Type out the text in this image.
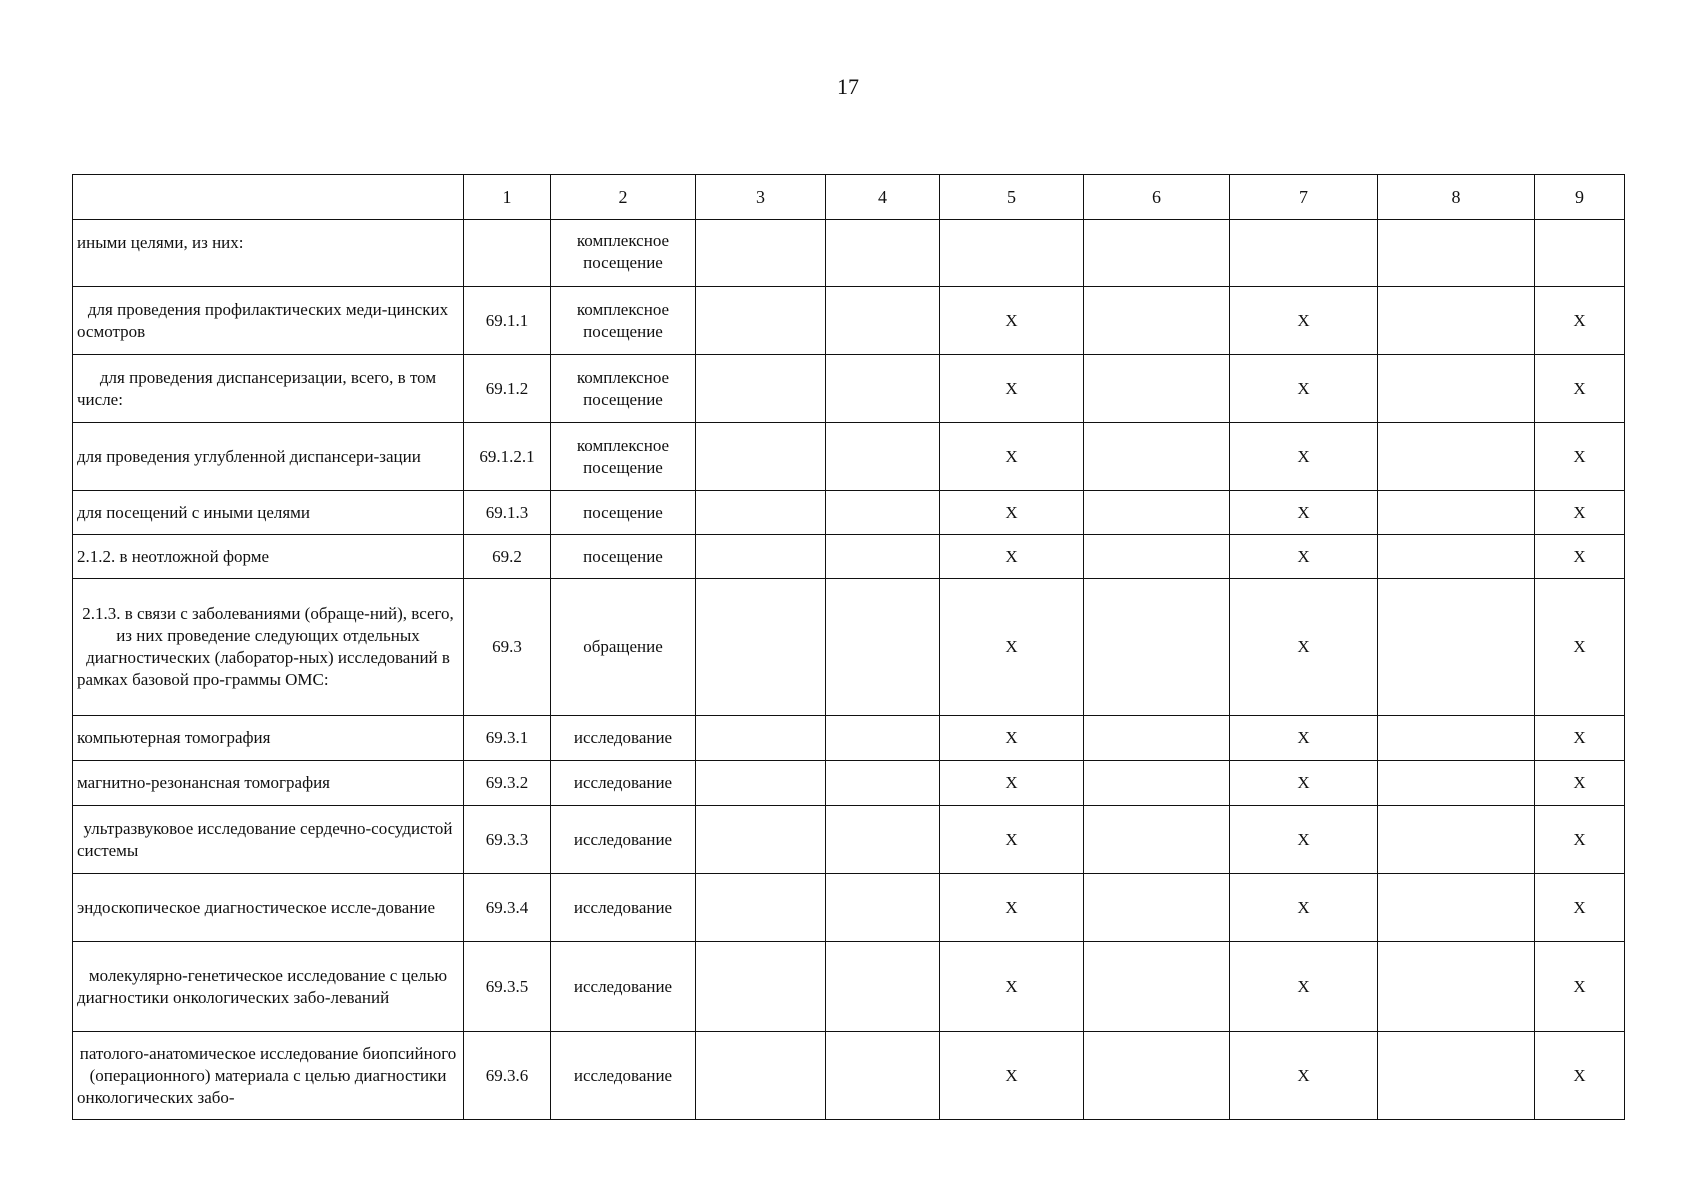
17
	1	2	3	4	5	6	7	8	9
иными целями, из них:		комплексное посещение							
для проведения профилактических меди-цинских осмотров	69.1.1	комплексное посещение			X		X		X
для проведения диспансеризации, всего, в том числе:	69.1.2	комплексное посещение			X		X		X
для проведения углубленной диспансери-зации	69.1.2.1	комплексное посещение			X		X		X
для посещений с иными целями	69.1.3	посещение			X		X		X
2.1.2. в неотложной форме	69.2	посещение			X		X		X
2.1.3. в связи с заболеваниями (обраще-ний), всего, из них проведение следующих отдельных диагностических (лаборатор-ных) исследований в рамках базовой про-граммы ОМС:	69.3	обращение			X		X		X
компьютерная томография	69.3.1	исследование			X		X		X
магнитно-резонансная томография	69.3.2	исследование			X		X		X
ультразвуковое исследование сердечно-сосудистой системы	69.3.3	исследование			X		X		X
эндоскопическое диагностическое иссле-дование	69.3.4	исследование			X		X		X
молекулярно-генетическое исследование с целью диагностики онкологических забо-леваний	69.3.5	исследование			X		X		X
патолого-анатомическое исследование биопсийного (операционного) материала с целью диагностики онкологических забо-	69.3.6	исследование			X		X		X
